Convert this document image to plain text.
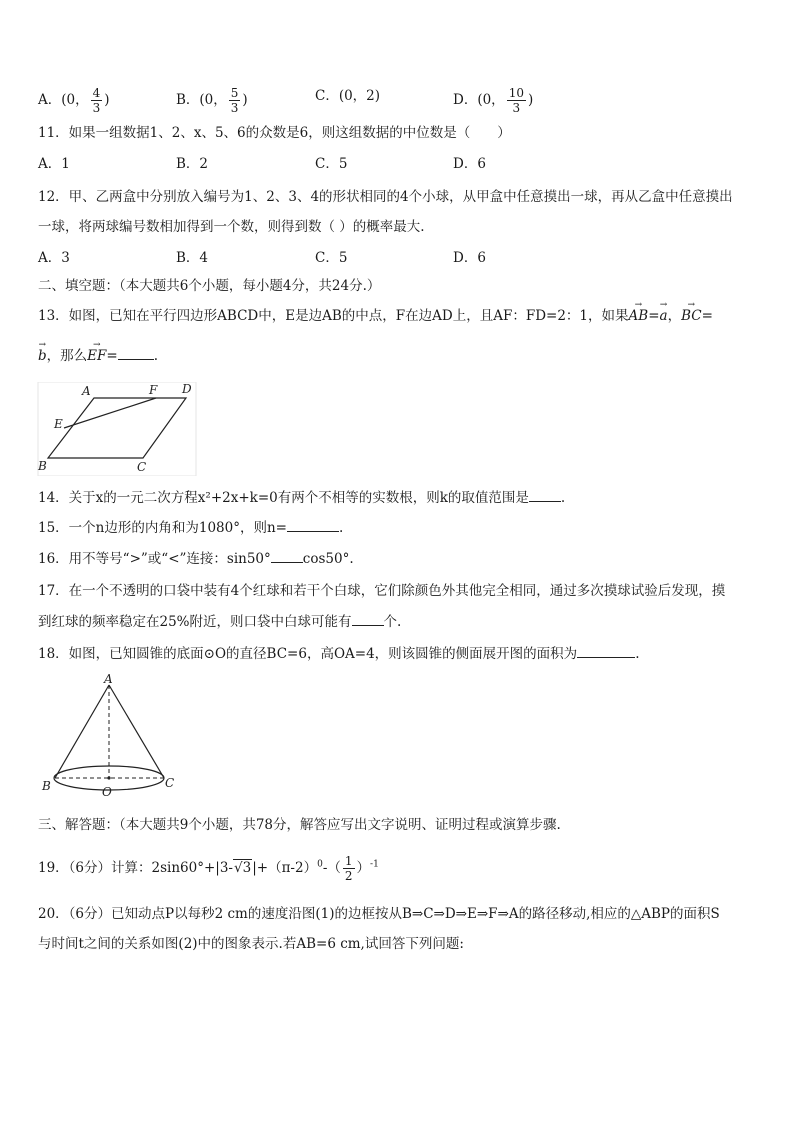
A．(0， $\frac{4}{3}$ )	B．(0， $\frac{5}{3}$ )	C．(0，2)	D．(0， $\frac{10}{3}$ )
11．如果一组数据1、2、x、5、6的众数是6，则这组数据的中位数是（　　）
A．1	B．2	C．5	D．6
12．甲、乙两盒中分别放入编号为1、2、3、4的形状相同的4个小球，从甲盒中任意摸出一球，再从乙盒中任意摸出
一球，将两球编号数相加得到一个数，则得到数（ ）的概率最大.
A．3	B．4	C．5	D．6
二、填空题：（本大题共6个小题，每小题4分，共24分.）
13．如图，已知在平行四边形ABCD中，E是边AB的中点，F在边AD上，且AF：FD=2：1，如果→ AB=→ a，→ BC=
→ b，那么→ EF=	.
A	F D
E
B	C
14．关于x的一元二次方程x²+2x+k=0有两个不相等的实数根，则k的取值范围是 .
15．一个n边形的内角和为1080°，则n=	.
16．用不等号“>”或“<”连接：sin50° cos50°.
17．在一个不透明的口袋中装有4个红球和若干个白球，它们除颜色外其他完全相同，通过多次摸球试验后发现，摸
到红球的频率稳定在25%附近，则口袋中白球可能有 个.
18．如图，已知圆锥的底面⊙O的直径BC=6，高OA=4，则该圆锥的侧面展开图的面积为	.
A
B	C
O
三、解答题：（本大题共9个小题，共78分，解答应写出文字说明、证明过程或演算步骤.
19．（6分）计算：$2\sin 60^\circ+|3-√3|+(\pi-2)^0-( \frac{1}{2} )^{-1}$
20．（6分）已知动点P以每秒2 cm的速度沿图(1)的边框按从B⇒C⇒D⇒E⇒F⇒A的路径移动,相应的△ABP的面积S
与时间t之间的关系如图(2)中的图象表示.若AB=6 cm,试回答下列问题:
